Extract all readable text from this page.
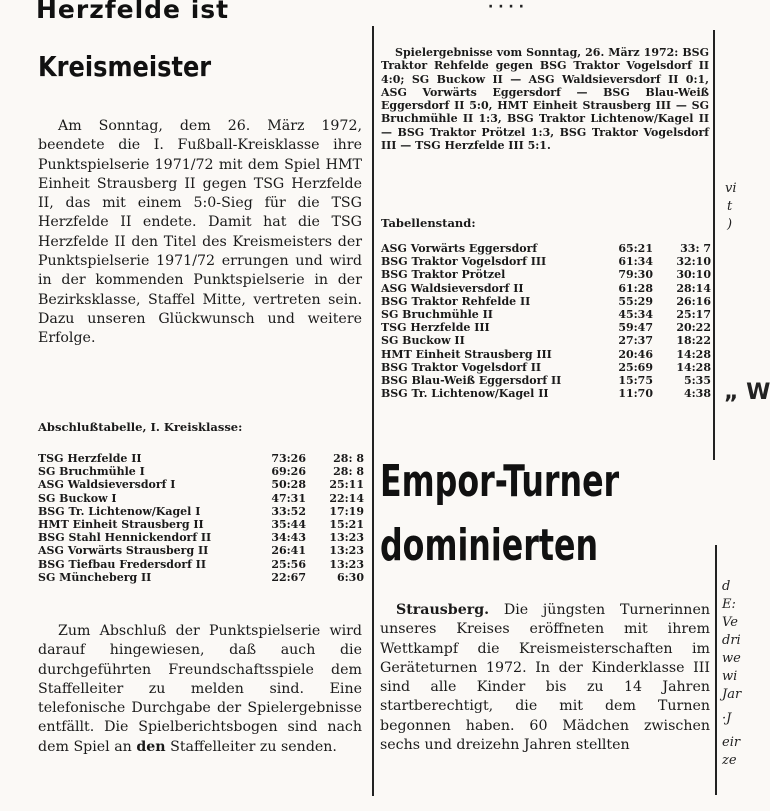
Herzfelde ist	· · · ·
Kreismeister

Am Sonntag, dem 26. März 1972, beendete die I. Fußball-Kreisklasse ihre Punktspielserie 1971/72 mit dem Spiel HMT Einheit Strausberg II gegen TSG Herzfelde II, das mit einem 5:0-Sieg für die TSG Herzfelde II endete. Damit hat die TSG Herzfelde II den Titel des Kreismeisters der Punktspielserie 1971/72 errungen und wird in der kommenden Punktspielserie in der Bezirksklasse, Staffel Mitte, vertreten sein. Dazu unseren Glückwunsch und weitere Erfolge.

Abschlußtabelle, I. Kreisklasse:

TSG Herzfelde II	73:26	28: 8
SG Bruchmühle I	69:26	28: 8
ASG Waldsieversdorf I	50:28	25:11
SG Buckow I	47:31	22:14
BSG Tr. Lichtenow/Kagel I	33:52	17:19
HMT Einheit Strausberg II	35:44	15:21
BSG Stahl Hennickendorf II	34:43	13:23
ASG Vorwärts Strausberg II	26:41	13:23
BSG Tiefbau Fredersdorf II	25:56	13:23
SG Müncheberg II	22:67	6:30

Zum Abschluß der Punktspielserie wird darauf hingewiesen, daß auch die durchgeführten Freundschaftsspiele dem Staffelleiter zu melden sind. Eine telefonische Durchgabe der Spielergebnisse entfällt. Die Spielberichtsbogen sind nach dem Spiel an den Staffelleiter zu senden.

Spielergebnisse vom Sonntag, 26. März 1972: BSG Traktor Rehfelde gegen BSG Traktor Vogelsdorf II 4:0; SG Buckow II — ASG Waldsieversdorf II 0:1, ASG Vorwärts Eggersdorf — BSG Blau-Weiß Eggersdorf II 5:0, HMT Einheit Strausberg III — SG Bruchmühle II 1:3, BSG Traktor Lichtenow/Kagel II — BSG Traktor Prötzel 1:3, BSG Traktor Vogelsdorf III — TSG Herzfelde III 5:1.

Tabellenstand:

ASG Vorwärts Eggersdorf	65:21	33: 7
BSG Traktor Vogelsdorf III	61:34	32:10
BSG Traktor Prötzel	79:30	30:10
ASG Waldsieversdorf II	61:28	28:14
BSG Traktor Rehfelde II	55:29	26:16
SG Bruchmühle II	45:34	25:17
TSG Herzfelde III	59:47	20:22
SG Buckow II	27:37	18:22
HMT Einheit Strausberg III	20:46	14:28
BSG Traktor Vogelsdorf II	25:69	14:28
BSG Blau-Weiß Eggersdorf II	15:75	5:35
BSG Tr. Lichtenow/Kagel II	11:70	4:38
Empor-Turner
dominierten

Strausberg. Die jüngsten Turnerinnen unseres Kreises eröffneten mit ihrem Wettkampf die Kreismeisterschaften im Geräteturnen 1972. In der Kinderklasse III sind alle Kinder bis zu 14 Jahren startberechtigt, die mit dem Turnen begonnen haben. 60 Mädchen zwischen sechs und dreizehn Jahren stellten

vi
t
)
„ W
d
E:
Ve
dri
we
wi
Jar
·J
eir
ze
